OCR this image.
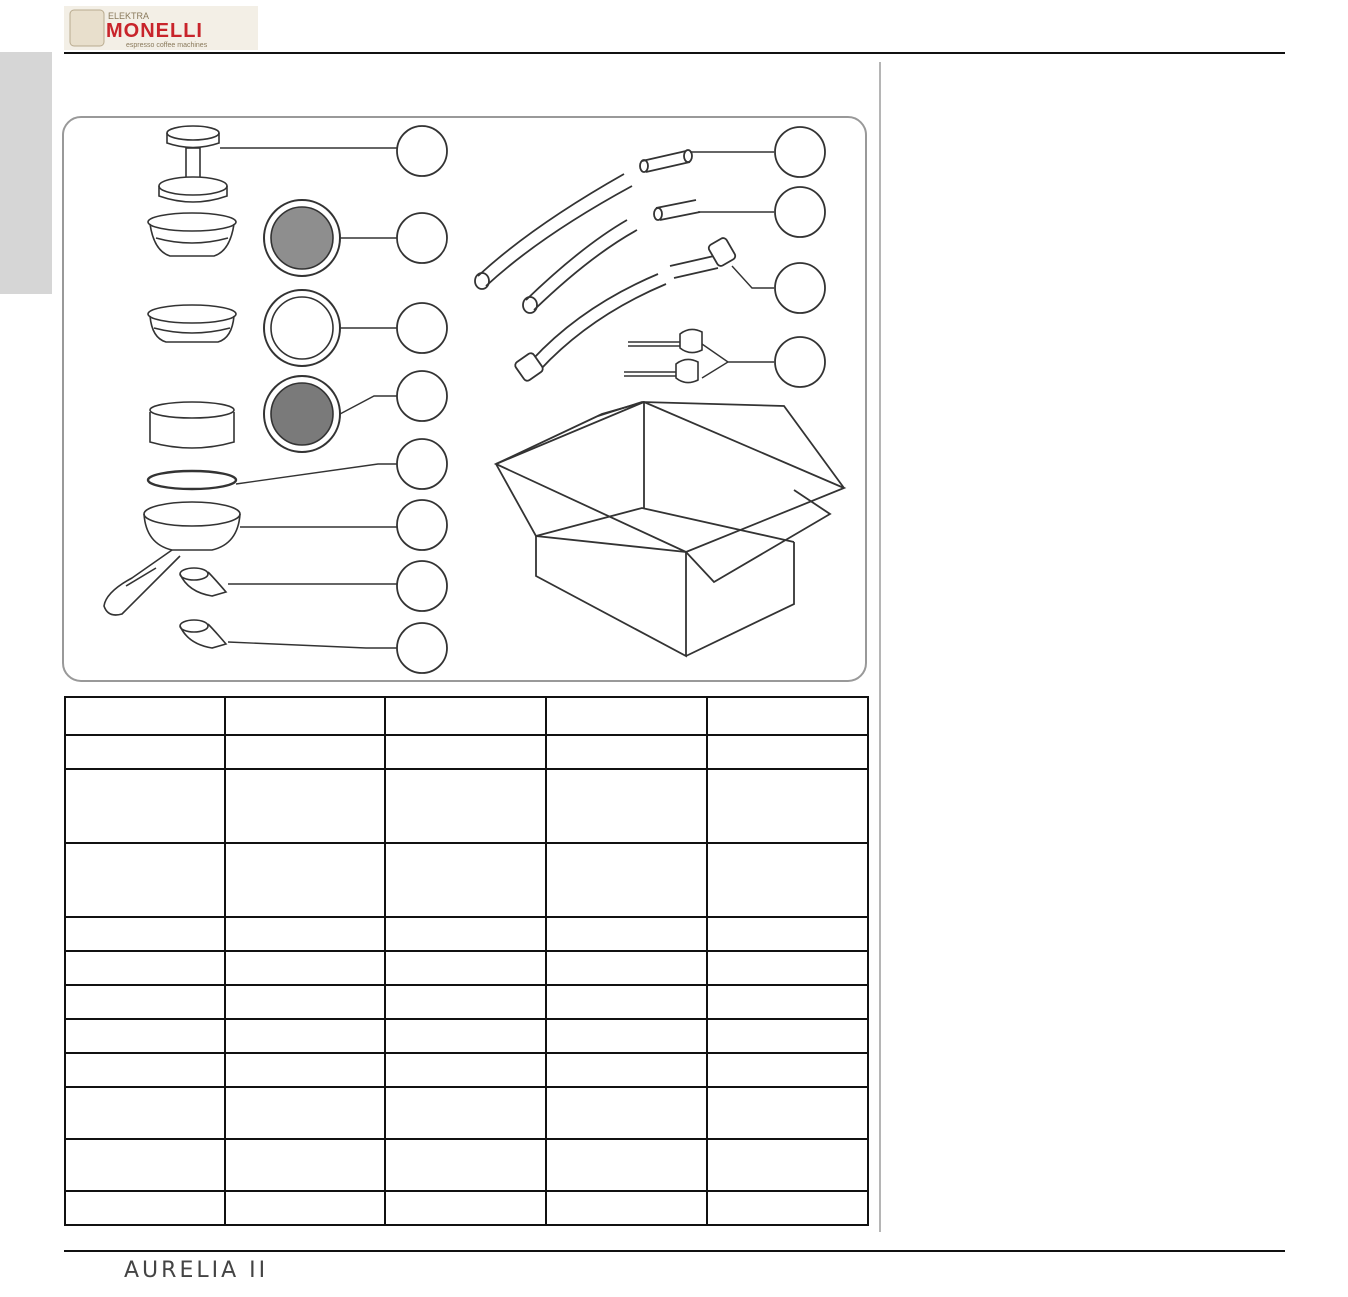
ELEKTRA
MONELLI
espresso coffee machines

AURELIA II
